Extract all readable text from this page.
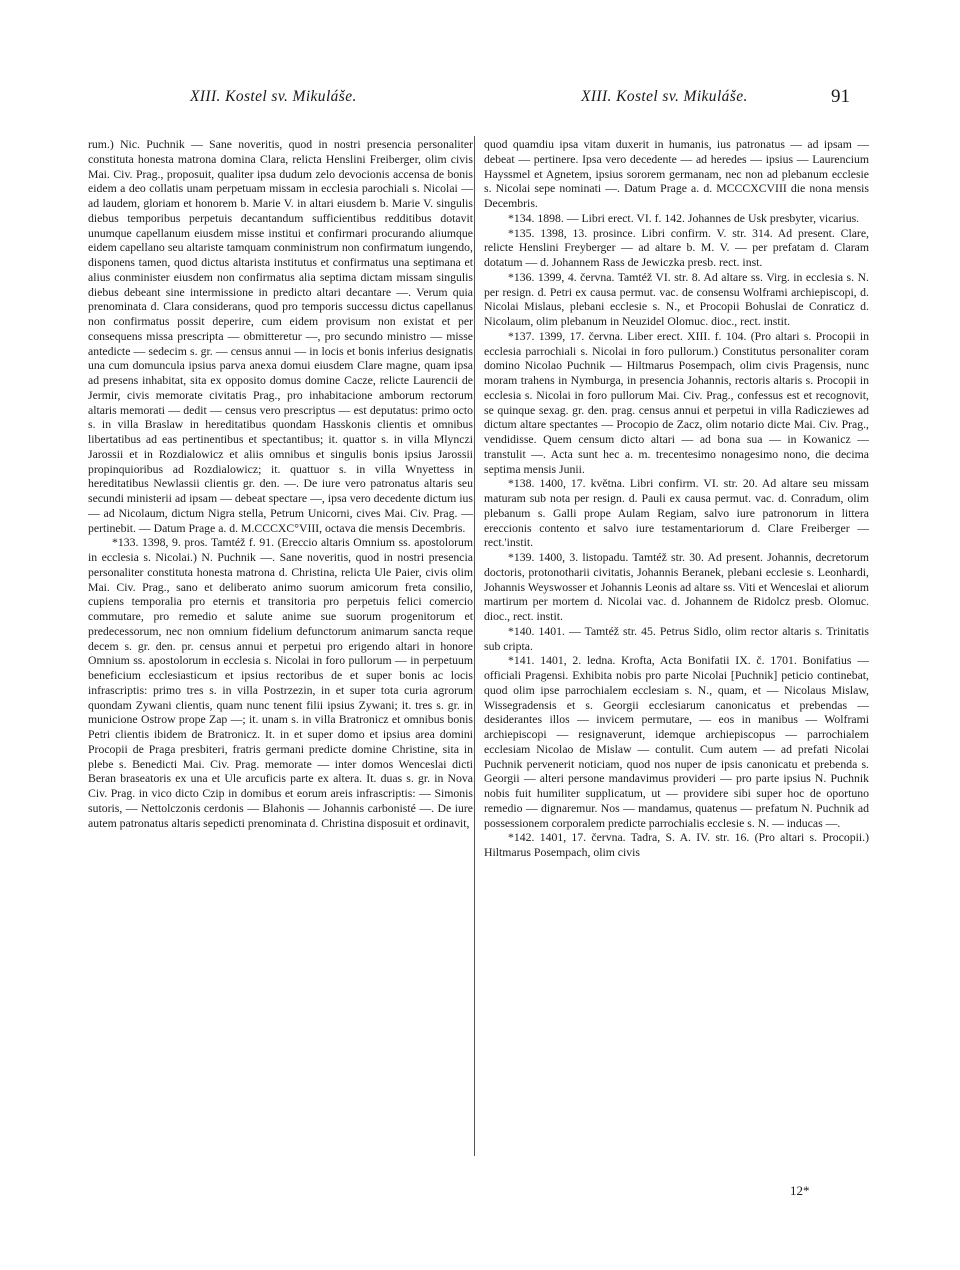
XIII. Kostel sv. Mikuláše.	XIII. Kostel sv. Mikuláše.	91

rum.) Nic. Puchnik — Sane noveritis, quod in nostri presencia personaliter constituta honesta matrona domina Clara, relicta Henslini Freiberger, olim civis Mai. Civ. Prag., proposuit, qualiter ipsa dudum zelo devocionis accensa de bonis eidem a deo collatis unam perpetuam missam in ecclesia parochiali s. Nicolai — ad laudem, gloriam et honorem b. Marie V. in altari eiusdem b. Marie V. singulis diebus temporibus perpetuis decantandum sufficientibus redditibus dotavit unumque capellanum eiusdem misse institui et confirmari procurando aliumque eidem capellano seu altariste tamquam conministrum non confirmatum iungendo, disponens tamen, quod dictus altarista institutus et confirmatus una septimana et alius conminister eiusdem non confirmatus alia septima dictam missam singulis diebus debeant sine intermissione in predicto altari decantare —. Verum quia prenominata d. Clara considerans, quod pro temporis successu dictus capellanus non confirmatus possit deperire, cum eidem provisum non existat et per consequens missa prescripta — obmitteretur —, pro secundo ministro — misse antedicte — sedecim s. gr. — census annui — in locis et bonis inferius designatis una cum domuncula ipsius parva anexa domui eiusdem Clare magne, quam ipsa ad presens inhabitat, sita ex opposito domus domine Cacze, relicte Laurencii de Jermir, civis memorate civitatis Prag., pro inhabitacione amborum rectorum altaris memorati — dedit — census vero prescriptus — est deputatus: primo octo s. in villa Braslaw in hereditatibus quondam Hasskonis clientis et omnibus libertatibus ad eas pertinentibus et spectantibus; it. quattor s. in villa Mlynczi Jarossii et in Rozdialowicz et aliis omnibus et singulis bonis ipsius Jarossii propinquioribus ad Rozdialowicz; it. quattuor s. in villa Wnyettess in hereditatibus Newlassii clientis gr. den. —. De iure vero patronatus altaris seu secundi ministerii ad ipsam — debeat spectare —, ipsa vero decedente dictum ius — ad Nicolaum, dictum Nigra stella, Petrum Unicorni, cives Mai. Civ. Prag. — pertinebit. — Datum Prage a. d. M.CCCXC°VIII, octava die mensis Decembris.

*133. 1398, 9. pros. Tamtéž f. 91. (Ereccio altaris Omnium ss. apostolorum in ecclesia s. Nicolai.) N. Puchnik —. Sane noveritis, quod in nostri presencia personaliter constituta honesta matrona d. Christina, relicta Ule Paier, civis olim Mai. Civ. Prag., sano et deliberato animo suorum amicorum freta consilio, cupiens temporalia pro eternis et transitoria pro perpetuis felici comercio commutare, pro remedio et salute anime sue suorum progenitorum et predecessorum, nec non omnium fidelium defunctorum animarum sancta reque decem s. gr. den. pr. census annui et perpetui pro erigendo altari in honore Omnium ss. apostolorum in ecclesia s. Nicolai in foro pullorum — in perpetuum beneficium ecclesiasticum et ipsius rectoribus de et super bonis ac locis infrascriptis: primo tres s. in villa Postrzezin, in et super tota curia agrorum quondam Zywani clientis, quam nunc tenent filii ipsius Zywani; it. tres s. gr. in municione Ostrow prope Zap —; it. unam s. in villa Bratronicz et omnibus bonis Petri clientis ibidem de Bratronicz. It. in et super domo et ipsius area domini Procopii de Praga presbiteri, fratris germani predicte domine Christine, sita in plebe s. Benedicti Mai. Civ. Prag. memorate — inter domos Wenceslai dicti Beran braseatoris ex una et Ule arcuficis parte ex altera. It. duas s. gr. in Nova Civ. Prag. in vico dicto Czip in domibus et eorum areis infrascriptis: — Simonis sutoris, — Nettolczonis cerdonis — Blahonis — Johannis carbonisté —. De iure autem patronatus altaris sepedicti prenominata d. Christina disposuit et ordinavit,

quod quamdiu ipsa vitam duxerit in humanis, ius patronatus — ad ipsam — debeat — pertinere. Ipsa vero decedente — ad heredes — ipsius — Laurencium Hayssmel et Agnetem, ipsius sororem germanam, nec non ad plebanum ecclesie s. Nicolai sepe nominati —. Datum Prage a. d. MCCCXCVIII die nona mensis Decembris.

*134. 1898. — Libri erect. VI. f. 142. Johannes de Usk presbyter, vicarius.

*135. 1398, 13. prosince. Libri confirm. V. str. 314. Ad present. Clare, relicte Henslini Freyberger — ad altare b. M. V. — per prefatam d. Claram dotatum — d. Johannem Rass de Jewiczka presb. rect. inst.

*136. 1399, 4. června. Tamtéž VI. str. 8. Ad altare ss. Virg. in ecclesia s. N. per resign. d. Petri ex causa permut. vac. de consensu Wolframi archiepiscopi, d. Nicolai Mislaus, plebani ecclesie s. N., et Procopii Bohuslai de Conraticz d. Nicolaum, olim plebanum in Neuzidel Olomuc. dioc., rect. instit.

*137. 1399, 17. června. Liber erect. XIII. f. 104. (Pro altari s. Procopii in ecclesia parrochiali s. Nicolai in foro pullorum.) Constitutus personaliter coram domino Nicolao Puchnik — Hiltmarus Posempach, olim civis Pragensis, nunc moram trahens in Nymburga, in presencia Johannis, rectoris altaris s. Procopii in ecclesia s. Nicolai in foro pullorum Mai. Civ. Prag., confessus est et recognovit, se quinque sexag. gr. den. prag. census annui et perpetui in villa Radicziewes ad dictum altare spectantes — Procopio de Zacz, olim notario dicte Mai. Civ. Prag., vendidisse. Quem censum dicto altari — ad bona sua — in Kowanicz — transtulit —. Acta sunt hec a. m. trecentesimo nonagesimo nono, die decima septima mensis Junii.

*138. 1400, 17. května. Libri confirm. VI. str. 20. Ad altare seu missam maturam sub nota per resign. d. Pauli ex causa permut. vac. d. Conradum, olim plebanum s. Galli prope Aulam Regiam, salvo iure patronorum in littera ereccionis contento et salvo iure testamentariorum d. Clare Freiberger — rect.'instit.

*139. 1400, 3. listopadu. Tamtéž str. 30. Ad present. Johannis, decretorum doctoris, protonotharii civitatis, Johannis Beranek, plebani ecclesie s. Leonhardi, Johannis Weyswosser et Johannis Leonis ad altare ss. Viti et Wenceslai et aliorum martirum per mortem d. Nicolai vac. d. Johannem de Ridolcz presb. Olomuc. dioc., rect. instit.

*140. 1401. — Tamtéž str. 45. Petrus Sidlo, olim rector altaris s. Trinitatis sub cripta.

*141. 1401, 2. ledna. Krofta, Acta Bonifatii IX. č. 1701. Bonifatius — officiali Pragensi. Exhibita nobis pro parte Nicolai [Puchnik] peticio continebat, quod olim ipse parrochialem ecclesiam s. N., quam, et — Nicolaus Mislaw, Wissegradensis et s. Georgii ecclesiarum canonicatus et prebendas — desiderantes illos — invicem permutare, — eos in manibus — Wolframi archiepiscopi — resignaverunt, idemque archiepiscopus — parrochialem ecclesiam Nicolao de Mislaw — contulit. Cum autem — ad prefati Nicolai Puchnik pervenerit noticiam, quod nos nuper de ipsis canonicatu et prebenda s. Georgii — alteri persone mandavimus provideri — pro parte ipsius N. Puchnik nobis fuit humiliter supplicatum, ut — providere sibi super hoc de oportuno remedio — dignaremur. Nos — mandamus, quatenus — prefatum N. Puchnik ad possessionem corporalem predicte parrochialis ecclesie s. N. — inducas —.

*142. 1401, 17. června. Tadra, S. A. IV. str. 16. (Pro altari s. Procopii.) Hiltmarus Posempach, olim civis

12*
